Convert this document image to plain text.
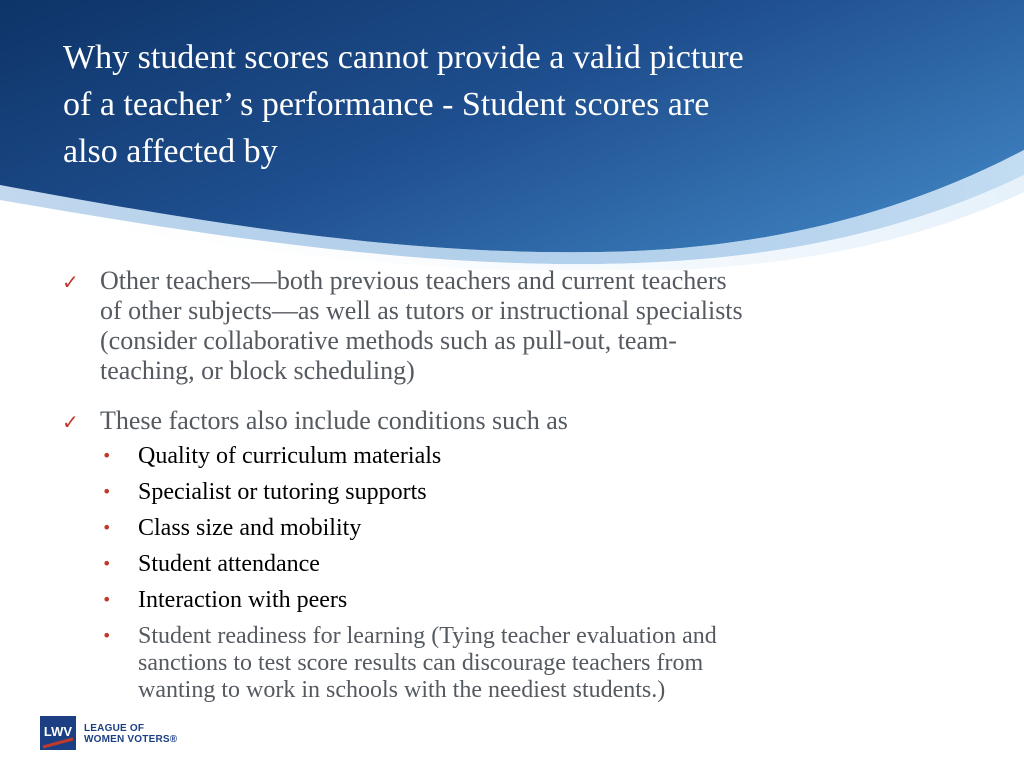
Why student scores cannot provide a valid picture
of a teacher’ s performance - Student scores are
also affected by
✓ Other teachers—both previous teachers and current teachers
of other subjects—as well as tutors or instructional specialists
(consider collaborative methods such as pull-out, team-
teaching, or block scheduling)
✓ These factors also include conditions such as
• Quality of curriculum materials
• Specialist or tutoring supports
• Class size and mobility
• Student attendance
• Interaction with peers
• Student readiness for learning (Tying teacher evaluation and
sanctions to test score results can discourage teachers from
wanting to work in schools with the neediest students.)
LWV LEAGUE OF
WOMEN VOTERS®
